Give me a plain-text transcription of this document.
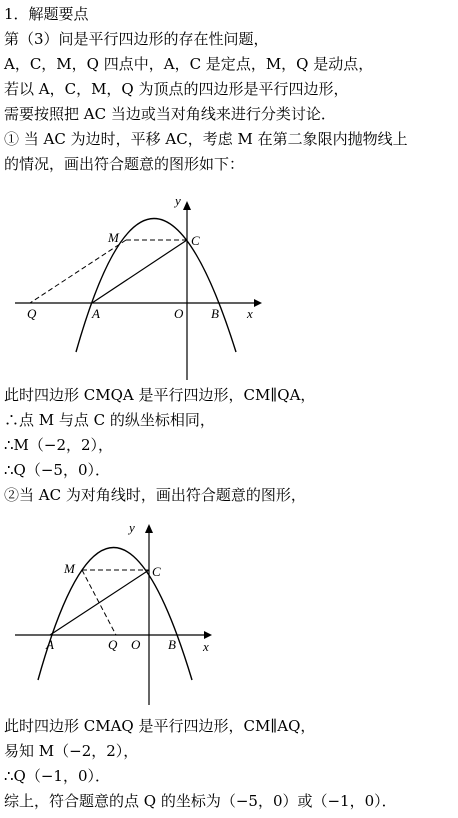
1．解题要点
第（3）问是平行四边形的存在性问题，
A，C，M，Q 四点中，A，C 是定点，M，Q 是动点，
若以 A，C，M，Q 为顶点的四边形是平行四边形，
需要按照把 AC 当边或当对角线来进行分类讨论．
① 当 AC 为边时，平移 AC，考虑 M 在第二象限内抛物线上
的情况，画出符合题意的图形如下：
y
x
M	C
Q	A	O B
此时四边形 CMQA 是平行四边形，CM∥QA，
∴点 M 与点 C 的纵坐标相同，
∴M（−2，2），
∴Q（−5，0）．
②当 AC 为对角线时，画出符合题意的图形，
y
x
M	C
A	Q O B
此时四边形 CMAQ 是平行四边形，CM∥AQ，
易知 M（−2，2），
∴Q（−1，0）．
综上，符合题意的点 Q 的坐标为（−5，0）或（−1，0）．
